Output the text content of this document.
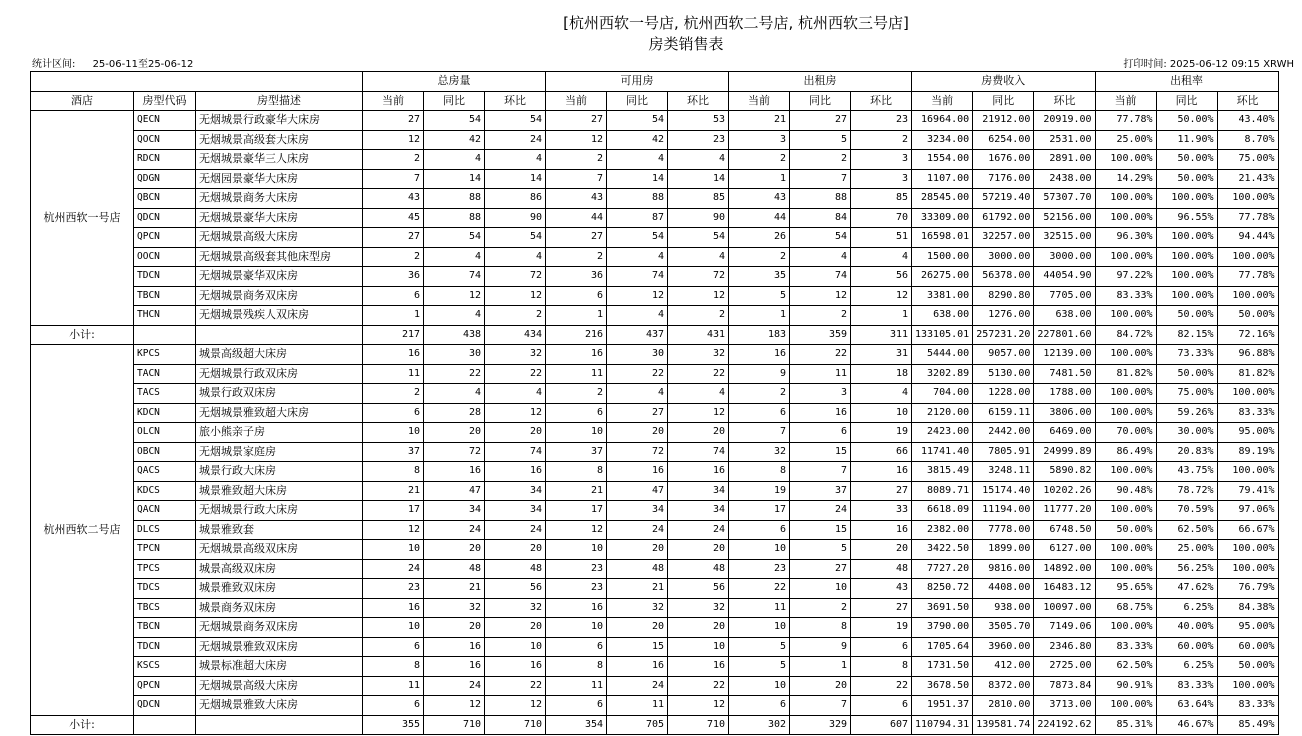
[杭州西软一号店, 杭州西软二号店, 杭州西软三号店]
房类销售表
统计区间: 25-06-11至25-06-12	打印时间: 2025-06-12 09:15 XRWH
			总房量			可用房			出租房			房费收入			出租率		
酒店	房型代码	房型描述	当前	同比	环比	当前	同比	环比	当前	同比	环比	当前	同比	环比	当前	同比	环比
杭州西软一号店	QECN	无烟城景行政豪华大床房	27	54	54	27	54	53	21	27	23	16964.00	21912.00	20919.00	77.78%	50.00%	43.40%
	QOCN	无烟城景高级套大床房	12	42	24	12	42	23	3	5	2	3234.00	6254.00	2531.00	25.00%	11.90%	8.70%
	RDCN	无烟城景豪华三人床房	2	4	4	2	4	4	2	2	3	1554.00	1676.00	2891.00	100.00%	50.00%	75.00%
	QDGN	无烟园景豪华大床房	7	14	14	7	14	14	1	7	3	1107.00	7176.00	2438.00	14.29%	50.00%	21.43%
	QBCN	无烟城景商务大床房	43	88	86	43	88	85	43	88	85	28545.00	57219.40	57307.70	100.00%	100.00%	100.00%
	QDCN	无烟城景豪华大床房	45	88	90	44	87	90	44	84	70	33309.00	61792.00	52156.00	100.00%	96.55%	77.78%
	QPCN	无烟城景高级大床房	27	54	54	27	54	54	26	54	51	16598.01	32257.00	32515.00	96.30%	100.00%	94.44%
	OOCN	无烟城景高级套其他床型房	2	4	4	2	4	4	2	4	4	1500.00	3000.00	3000.00	100.00%	100.00%	100.00%
	TDCN	无烟城景豪华双床房	36	74	72	36	74	72	35	74	56	26275.00	56378.00	44054.90	97.22%	100.00%	77.78%
	TBCN	无烟城景商务双床房	6	12	12	6	12	12	5	12	12	3381.00	8290.80	7705.00	83.33%	100.00%	100.00%
	THCN	无烟城景残疾人双床房	1	4	2	1	4	2	1	2	1	638.00	1276.00	638.00	100.00%	50.00%	50.00%
小计:			217	438	434	216	437	431	183	359	311	133105.01	257231.20	227801.60	84.72%	82.15%	72.16%
杭州西软二号店	KPCS	城景高级超大床房	16	30	32	16	30	32	16	22	31	5444.00	9057.00	12139.00	100.00%	73.33%	96.88%
	TACN	无烟城景行政双床房	11	22	22	11	22	22	9	11	18	3202.89	5130.00	7481.50	81.82%	50.00%	81.82%
	TACS	城景行政双床房	2	4	4	2	4	4	2	3	4	704.00	1228.00	1788.00	100.00%	75.00%	100.00%
	KDCN	无烟城景雅致超大床房	6	28	12	6	27	12	6	16	10	2120.00	6159.11	3806.00	100.00%	59.26%	83.33%
	OLCN	旅小熊亲子房	10	20	20	10	20	20	7	6	19	2423.00	2442.00	6469.00	70.00%	30.00%	95.00%
	OBCN	无烟城景家庭房	37	72	74	37	72	74	32	15	66	11741.40	7805.91	24999.89	86.49%	20.83%	89.19%
	QACS	城景行政大床房	8	16	16	8	16	16	8	7	16	3815.49	3248.11	5890.82	100.00%	43.75%	100.00%
	KDCS	城景雅致超大床房	21	47	34	21	47	34	19	37	27	8089.71	15174.40	10202.26	90.48%	78.72%	79.41%
	QACN	无烟城景行政大床房	17	34	34	17	34	34	17	24	33	6618.09	11194.00	11777.20	100.00%	70.59%	97.06%
	DLCS	城景雅致套	12	24	24	12	24	24	6	15	16	2382.00	7778.00	6748.50	50.00%	62.50%	66.67%
	TPCN	无烟城景高级双床房	10	20	20	10	20	20	10	5	20	3422.50	1899.00	6127.00	100.00%	25.00%	100.00%
	TPCS	城景高级双床房	24	48	48	23	48	48	23	27	48	7727.20	9816.00	14892.00	100.00%	56.25%	100.00%
	TDCS	城景雅致双床房	23	21	56	23	21	56	22	10	43	8250.72	4408.00	16483.12	95.65%	47.62%	76.79%
	TBCS	城景商务双床房	16	32	32	16	32	32	11	2	27	3691.50	938.00	10097.00	68.75%	6.25%	84.38%
	TBCN	无烟城景商务双床房	10	20	20	10	20	20	10	8	19	3790.00	3505.70	7149.06	100.00%	40.00%	95.00%
	TDCN	无烟城景雅致双床房	6	16	10	6	15	10	5	9	6	1705.64	3960.00	2346.80	83.33%	60.00%	60.00%
	KSCS	城景标准超大床房	8	16	16	8	16	16	5	1	8	1731.50	412.00	2725.00	62.50%	6.25%	50.00%
	QPCN	无烟城景高级大床房	11	24	22	11	24	22	10	20	22	3678.50	8372.00	7873.84	90.91%	83.33%	100.00%
	QDCN	无烟城景雅致大床房	6	12	12	6	11	12	6	7	6	1951.37	2810.00	3713.00	100.00%	63.64%	83.33%
小计:			355	710	710	354	705	710	302	329	607	110794.31	139581.74	224192.62	85.31%	46.67%	85.49%
